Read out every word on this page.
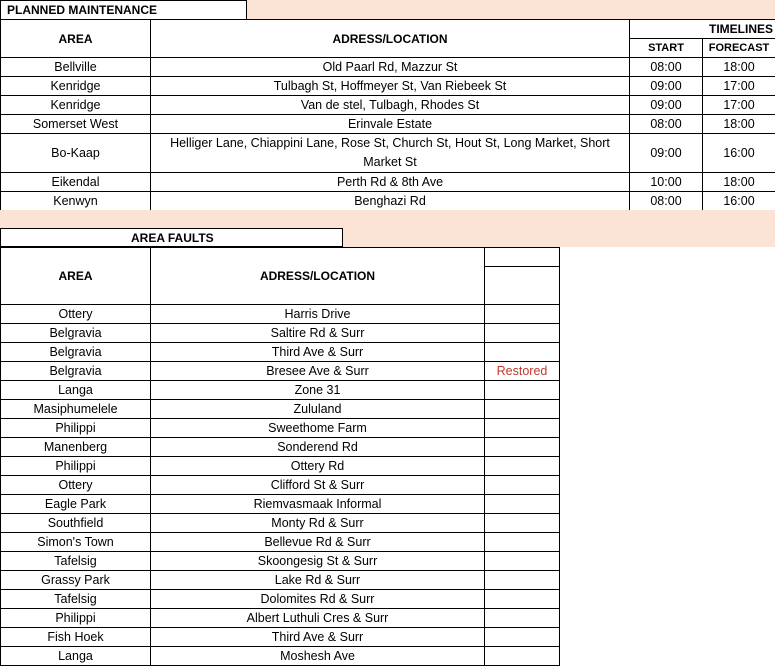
PLANNED MAINTENANCE
AREA	ADRESS/LOCATION	TIMELINES	
		START	FORECAST
Bellville	Old Paarl Rd, Mazzur St	08:00	18:00
Kenridge	Tulbagh St, Hoffmeyer St, Van Riebeek St	09:00	17:00
Kenridge	Van de stel, Tulbagh, Rhodes St	09:00	17:00
Somerset West	Erinvale Estate	08:00	18:00
Bo-Kaap	Helliger Lane, Chiappini Lane, Rose St, Church St, Hout St, Long Market, Short Market St	09:00	16:00
Eikendal	Perth Rd & 8th Ave	10:00	18:00
Kenwyn	Benghazi Rd	08:00	16:00
AREA FAULTS
AREA	ADRESS/LOCATION	

Ottery	Harris Drive	
Belgravia	Saltire Rd & Surr	
Belgravia	Third Ave & Surr	
Belgravia	Bresee Ave & Surr	Restored
Langa	Zone 31	
Masiphumelele	Zululand	
Philippi	Sweethome Farm	
Manenberg	Sonderend Rd	
Philippi	Ottery Rd	
Ottery	Clifford St & Surr	
Eagle Park	Riemvasmaak Informal	
Southfield	Monty Rd & Surr	
Simon's Town	Bellevue Rd & Surr	
Tafelsig	Skoongesig St & Surr	
Grassy Park	Lake Rd & Surr	
Tafelsig	Dolomites Rd & Surr	
Philippi	Albert Luthuli Cres & Surr	
Fish Hoek	Third Ave & Surr	
Langa	Moshesh Ave	
